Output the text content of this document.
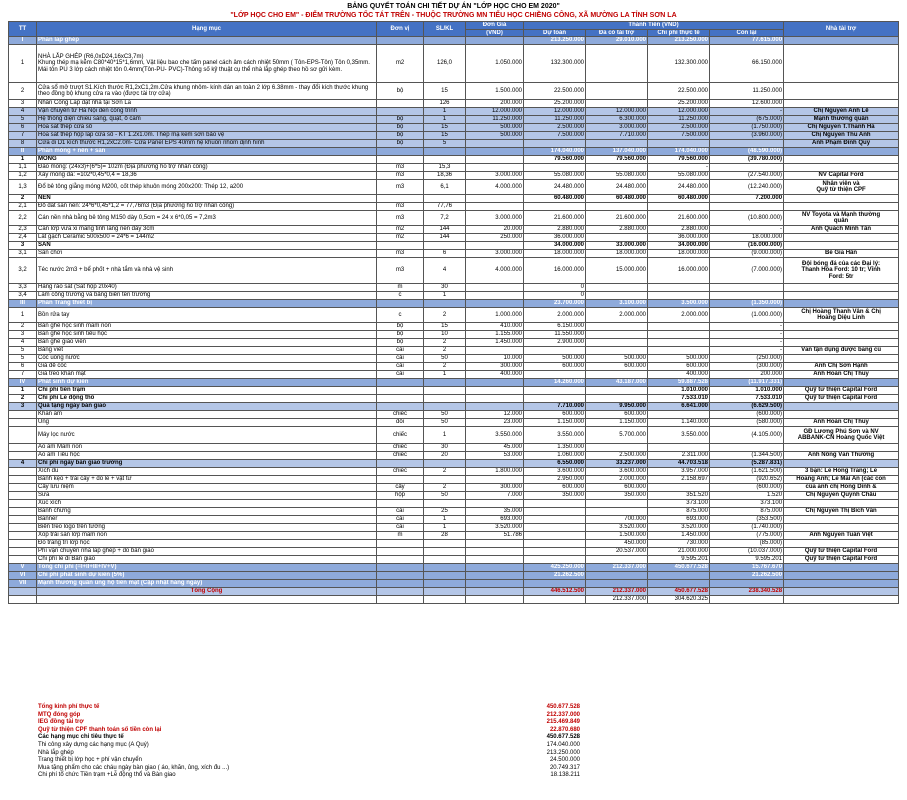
BẢNG QUYẾT TOÁN CHI TIẾT DỰ ÁN "LỚP HỌC CHO EM 2020"
"LỚP HỌC CHO EM" - ĐIỂM TRƯỜNG TỐC TÁT TRÊN - THUỘC TRƯỜNG MN TIỂU HỌC CHIỀNG CÔNG, XÃ MƯỜNG LA TỈNH SƠN LA
TT	Hạng mục	Đơn vị	SL/KL	Đơn Giá	Thành Tiền (VND)				Nhà tài trợ
				(VND)	Dự toán	Đã có tài trợ	Chi phí thực tế	Còn lại	
I	Phần lắp ghép				213.250.000	29.010.000	213.250.000	77.615.000	
1	NHÀ LẮP GHÉP (R6,0xD24,16xC3,7m)
Khung thép mạ kẽm C80*40*15*1,6mm, Vật liệu bao che tấm panel cách âm cách nhiệt 50mm ( Tôn-EPS-Tôn) Tôn 0,35mm. Mái tôn PU 3 lớp cách nhiệt tôn 0.4mm(Tôn-PU- PVC)-Thông số kỹ thuật cụ thể nhà lắp ghép theo hồ sơ gửi kèm.	m2	126,0	1.050.000	132.300.000		132.300.000	66.150.000	
2	Cửa sổ mở trượt S1.Kích thước R1,2xC1,2m.Cửa khung nhôm- kính dán an toàn 2 lớp 6.38mm - thay đổi kích thước khung theo đồng bộ khung cửa ra vào (được tài trợ cửa)	bộ	15	1.500.000	22.500.000		22.500.000	11.250.000	
3	Nhân Công Lắp đặt nhà tại Sơn La		126	200.000	25.200.000		25.200.000	12.600.000	
4	Vận chuyển từ Hà Nội đến công trình		1	12.000.000	12.000.000	12.000.000	12.000.000	-	Chị Nguyễn Anh Lê
5	Hệ thống điện chiếu sáng, quạt, ổ cắm	bộ	1	11.250.000	11.250.000	6.300.000	11.250.000	(675.000)	Mạnh thường quân
6	Hoa sắt thép cửa sổ	bộ	15	500.000	2.500.000	3.000.000	2.500.000	(1.750.000)	Chị Nguyễn T.Thanh Hà
7	Hoa sắt thép hộp lắp cửa sổ - KT 1.2x1.0m. Thép mạ kẽm sơn bảo vệ	bộ	15	500.000	7.500.000	7.710.000	7.500.000	(3.960.000)	Chị Nguyễn Thu Anh
8	Cửa đi D1 kích thước R1,2xC2.0m- Cửa Panel EPS 40mm hệ khuôn nhôm định hình	bộ	5						Anh Phạm Đình Quý
II	Phần móng + nền + sàn				174.040.000	137.040.000	174.040.000	(48.590.000)	
1	MÓNG				79.560.000	79.560.000	79.560.000	(39.780.000)	
1,1	Đào móng: (24x3)+(6*5)= 102m (Địa phương hỗ trợ nhân công)	m3	15,3				-		
1,2	Xây móng đá: =102*0,45*0,4 = 18,36	m3	18,36	3.000.000	55.080.000	55.080.000	55.080.000	(27.540.000)	NV Capital Ford
1,3	Đổ bê tông giằng móng M200, cốt thép khuôn móng 200x200: Thép 12, a200	m3	6,1	4.000.000	24.480.000	24.480.000	24.480.000	(12.240.000)	Nhân viên và
Quỹ từ thiện CPF
2	NỀN				60.480.000	60.480.000	60.480.000	7.200.000	
2,1	Đổ đất san nền: 24*6*0,45*1,2 = 77,76m3 (Địa phương hỗ trợ nhân công)	m3	77,76						
2,2	Cán nền nhà bằng bê tông M150 dày 0,5cm = 24 x 6*0,05 = 7,2m3	m3	7,2	3.000.000	21.600.000	21.600.000	21.600.000	(10.800.000)	NV Toyota và Mạnh thường
quân
2,3	Cán lớp vữa xi măng tinh láng nền dày 3cm	m2	144	20.000	2.880.000	2.880.000	2.880.000	-	Anh Quách Minh Tân
2,4	Lát gạch Ceramic 500x500 = 24*6 = 144m2	m2	144	250.000	36.000.000		36.000.000	18.000.000	
3	SÂN				34.000.000	33.000.000	34.000.000	(16.000.000)	
3,1	Sân chơi	m3	6	3.000.000	18.000.000	18.000.000	18.000.000	(9.000.000)	Bé Gia Hân
3,2	Téc nước 2m3 + bể phốt + nhà tắm và nhà vệ sinh	m3	4	4.000.000	16.000.000	15.000.000	16.000.000	(7.000.000)	Đội bóng đá của các Đại lý:
Thanh Hóa Ford: 10 tr; Vĩnh
Ford: 5tr
3,3	Hàng rào sắt (Sắt hộp 20x40)	m	30		0				
3,4	Làm cổng trường và bảng biển tên trường	c	1		0				
III	Phần Trang thiết bị				23.700.000	3.100.000	3.500.000	(1.350.000)	
1	Bồn rửa tay	c	2	1.000.000	2.000.000	2.000.000	2.000.000	(1.000.000)	Chị Hoàng Thanh Vân & Chị
Hoàng Diệu Linh
2	Bàn ghế học sinh mầm non	bộ	15	410.000	6.150.000			-	
3	Bàn ghế học sinh tiểu học	bộ	10	1.155.000	11.550.000			-	
4	Bàn ghế giáo viên	bộ	2	1.450.000	2.900.000			-	
5	Bảng viết	cái	2					-	Vẫn tận dụng được bảng cũ
5	Cốc uống nước	cái	50	10.000	500.000	500.000	500.000	(250.000)	
6	Giá để cốc	cái	2	300.000	600.000	600.000	600.000	(300.000)	Anh Chị Sơn Hạnh
7	Giá treo khăn mặt	cái	1	400.000			400.000	200.000	Anh Hoàn Chị Thuy
IV	Phát sinh dự kiến				14.260.000	43.187.000	59.887.528	(11.917.331)	
1	Chi phí tiền trạm						1.010.000	1.010.000	Quỹ từ thiện Capital Ford
2	Chi phí Lễ động thổ						7.533.010	7.533.010	Quỹ từ thiện Capital Ford
3	Quà tặng ngày bàn giao				7.710.000	9.950.000	6.641.000	(6.629.500)	
	Khăn ấm	chiếc	50	12.000	600.000	600.000		(600.000)	
	Ủng	đôi	50	23.000	1.150.000	1.150.000	1.140.000	(580.000)	Anh Hoàn Chị Thuy
	Máy lọc nước	chiếc	1	3.550.000	3.550.000	5.700.000	3.550.000	(4.105.000)	GĐ Lương Phú Sơn và NV
ABBANK-CN Hoàng Quốc Việt
	Áo ấm Mầm non	chiếc	30	45.000	1.350.000				
	Áo ấm Tiểu học	chiếc	20	53.000	1.060.000	2.500.000	2.311.000	(1.344.500)	Anh Nông Văn Thương
4	Chi phí ngày bàn giao trường				6.550.000	33.237.000	44.703.518	(5.287.831)	
	Xích đu	chiếc	2	1.800.000	3.600.000	3.600.000	3.957.000	(1.621.500)	3 bạn: Le Hong Trang; Le
	Bánh kẹo + trái cây + đồ lễ + vật tư				2.950.000	2.000.000	2.158.697	(920.652)	Hoang Anh; Le Mai An (các con
	Cây lưu niệm	cây	2	300.000	600.000	600.000		(600.000)	của anh chị Hong Dinh &
	Sữa	hộp	50	7.000	350.000	350.000	351.520	1.520	Chị Nguyễn Quỳnh Châu
	Xúc xích						373.100	373.100	
	Bánh chưng	cái	25	35.000			875.000	875.000	Chị Nguyễn Thị Bích Vân
	Banner	cái	1	693.000		700.000	693.000	(353.500)	
	Biển treo logo trên tường	cái	1	3.520.000		3.520.000	3.520.000	(1.740.000)	
	Xốp trải sàn lớp mầm non	m	28	51.786		1.500.000	1.450.000	(775.000)	Anh Nguyễn Tuấn Việt
	Đồ trang trí lớp học					450.000	730.000	(85.000)	
	Phí vận chuyển nhà lắp ghép + đồ bàn giao					20.537.000	21.000.000	(10.037.000)	Quỹ từ thiện Capital Ford
	Chi phí lễ đi Bàn giao						9.595.201	9.595.201	Quỹ từ thiện Capital Ford
V	Tổng chi phí (=I+II+III+IV+V)				425.250.000	212.337.000	450.677.528	15.767.670	
VI	Chi phí phát sinh dự kiến (5%)				21.262.500			21.262.500	
VII	Mạnh thường quân ủng hộ tiền mặt (Cập nhật hàng ngày)								
	Tổng Cộng				446.512.500	212.337.000	450.677.528	238.340.528	
						212.337.000	304.620.325		
Tổng kinh phí thực tế	450.677.528
MTQ đóng góp	212.337.000
IEG đồng tài trợ	215.469.849
Quỹ từ thiện CPF thanh toán số tiền còn lại	22.870.680
Các hạng mục chi tiêu thực tế	450.677.528
Thi công xây dựng các hạng mục (A Quý)	174.040.000
Nhà lắp ghép	213.250.000
Trang thiết bị lớp học + phí vận chuyển	24.500.000
Mua tặng phẩm cho các cháu ngày bàn giao ( áo, khăn, ủng, xích đu ...)	20.749.317
Chi phí tổ chức Tiền trạm +Lễ động thổ và Bàn giao	18.138.211
